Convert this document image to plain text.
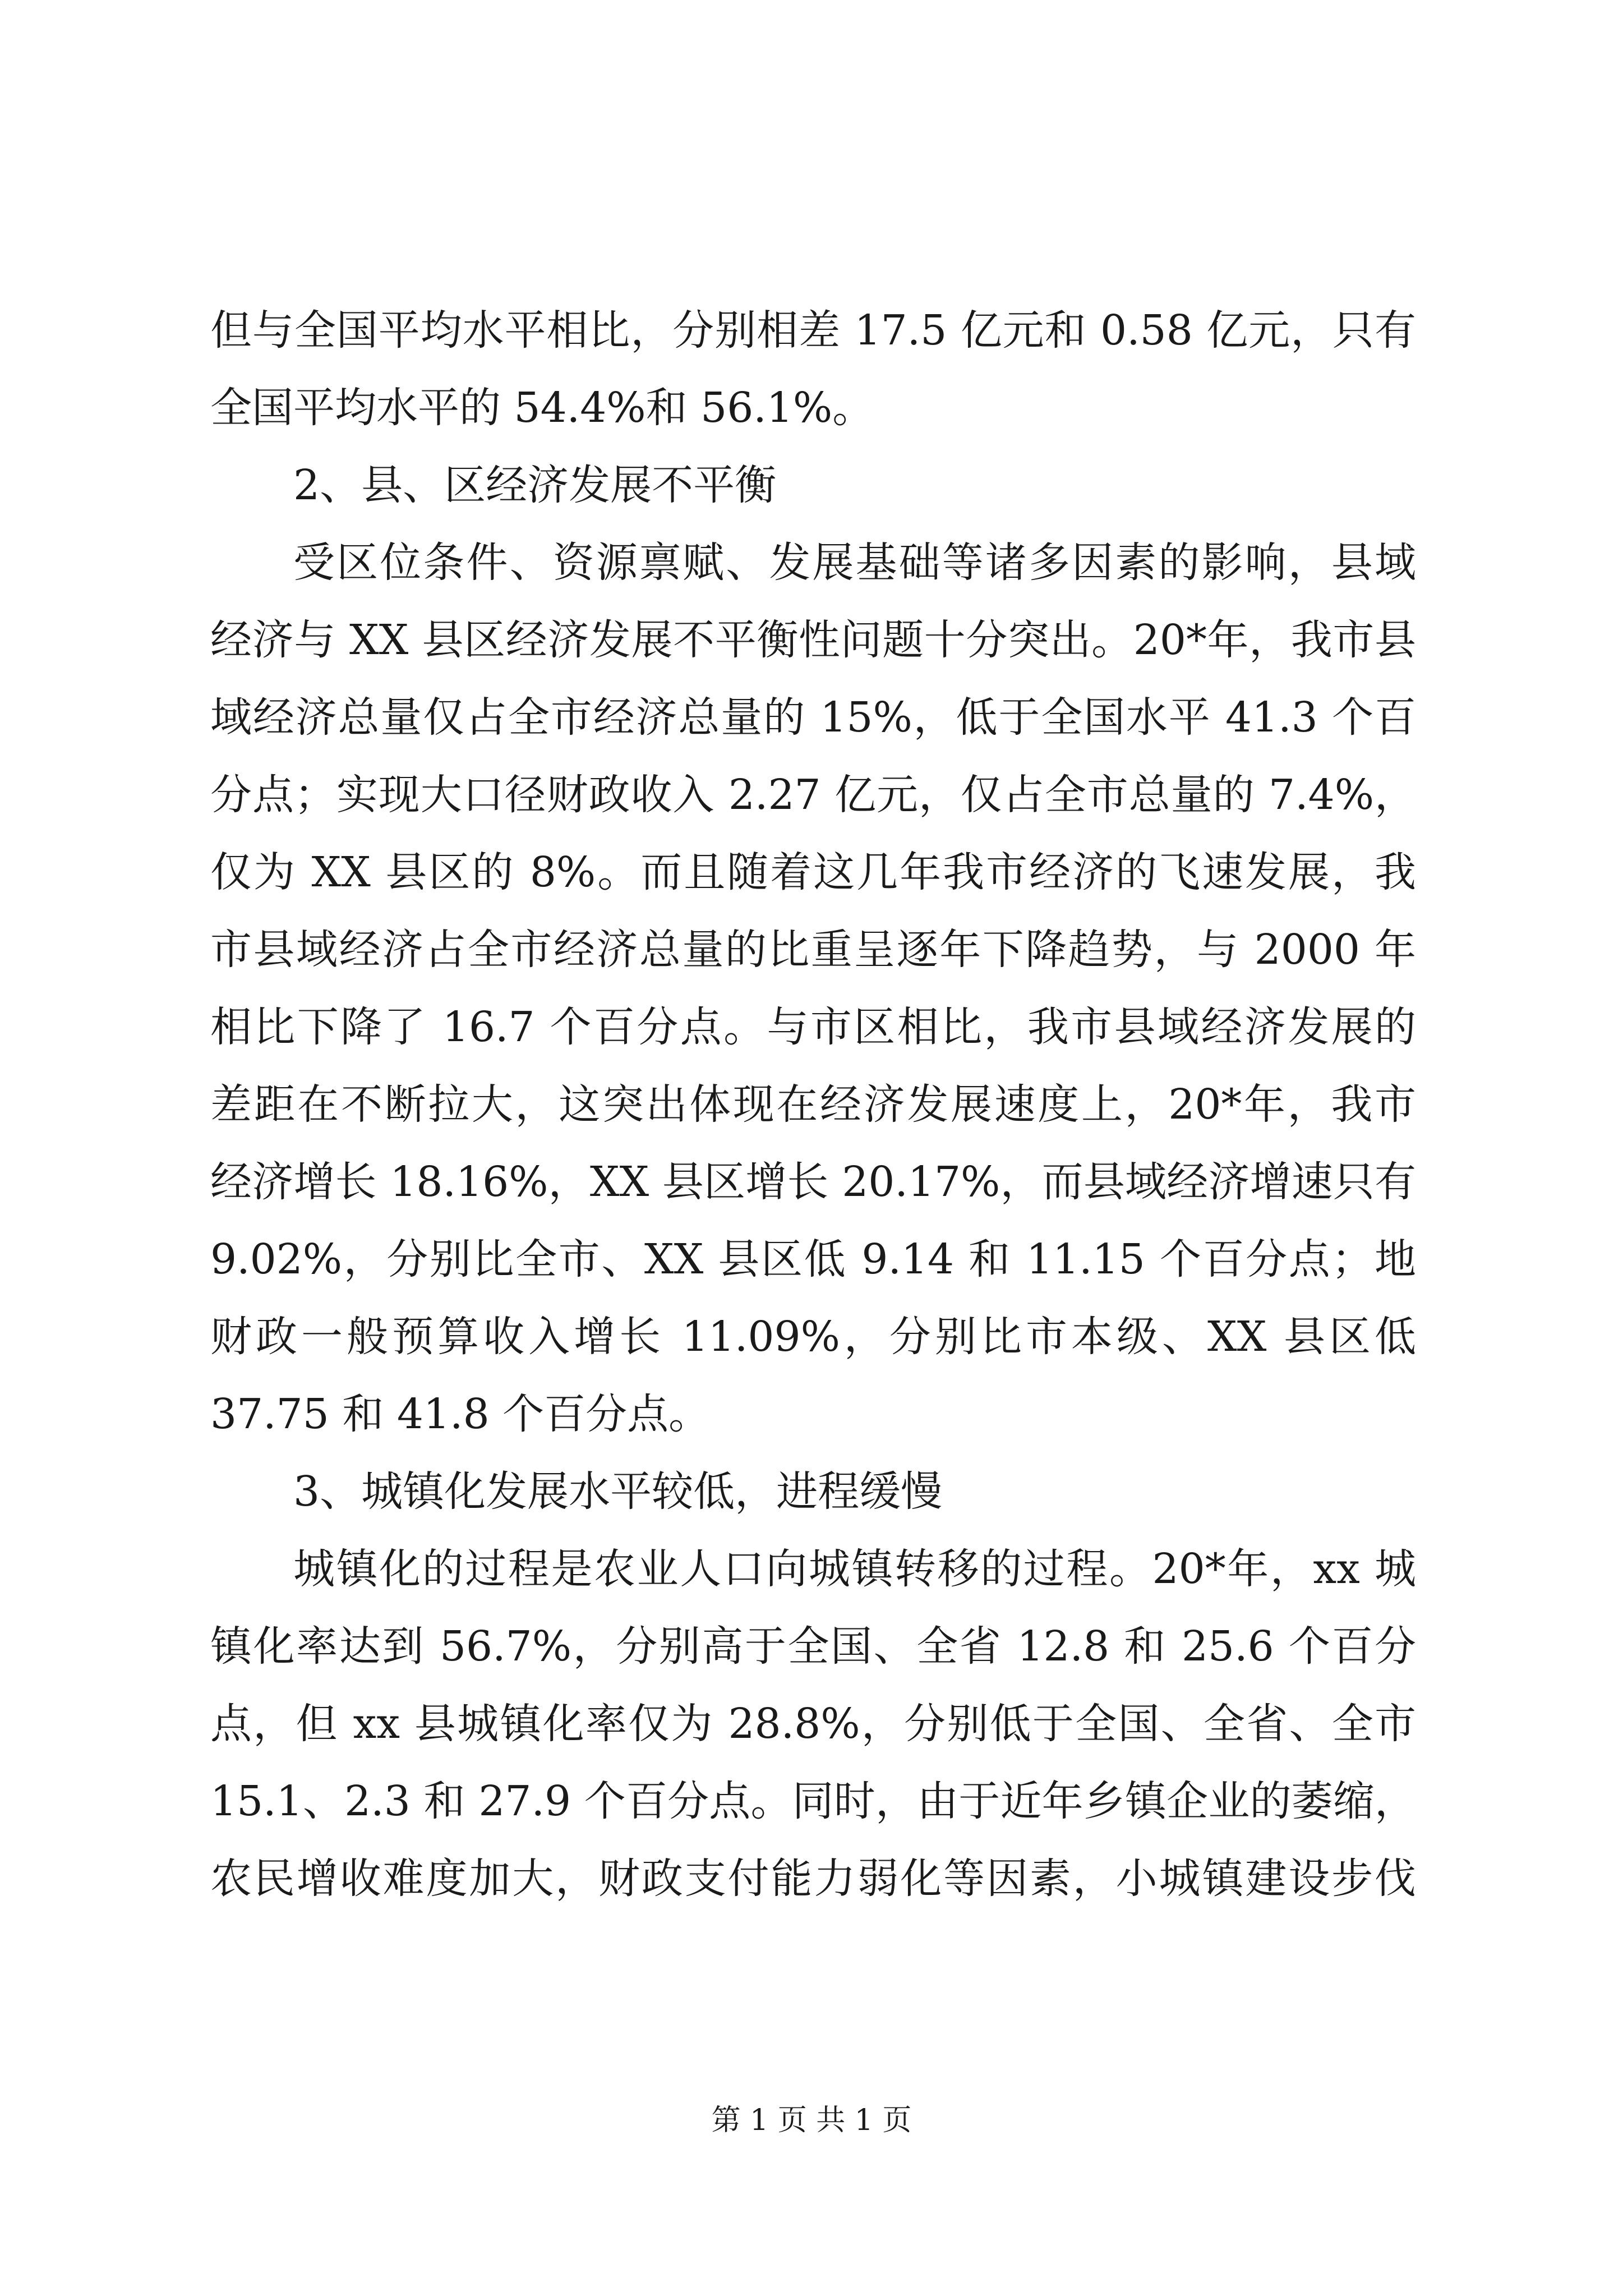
但与全国平均水平相比，分别相差 17.5 亿元和 0.58 亿元，只有
全国平均水平的 54.4%和 56.1%。
2、县、区经济发展不平衡
受区位条件、资源禀赋、发展基础等诸多因素的影响，县域
经济与 XX 县区经济发展不平衡性问题十分突出。20*年，我市县
域经济总量仅占全市经济总量的 15%，低于全国水平 41.3 个百
分点；实现大口径财政收入 2.27 亿元，仅占全市总量的 7.4%，
仅为 XX 县区的 8%。而且随着这几年我市经济的飞速发展，我
市县域经济占全市经济总量的比重呈逐年下降趋势，与 2000 年
相比下降了 16.7 个百分点。与市区相比，我市县域经济发展的
差距在不断拉大，这突出体现在经济发展速度上，20*年，我市
经济增长 18.16%，XX 县区增长 20.17%，而县域经济增速只有
9.02%，分别比全市、XX 县区低 9.14 和 11.15 个百分点；地
财政一般预算收入增长 11.09%，分别比市本级、XX 县区低
37.75 和 41.8 个百分点。
3、城镇化发展水平较低，进程缓慢
城镇化的过程是农业人口向城镇转移的过程。20*年，xx 城
镇化率达到 56.7%，分别高于全国、全省 12.8 和 25.6 个百分
点，但 xx 县城镇化率仅为 28.8%，分别低于全国、全省、全市
15.1、2.3 和 27.9 个百分点。同时，由于近年乡镇企业的萎缩，
农民增收难度加大，财政支付能力弱化等因素，小城镇建设步伐
第 1 页 共 1 页
